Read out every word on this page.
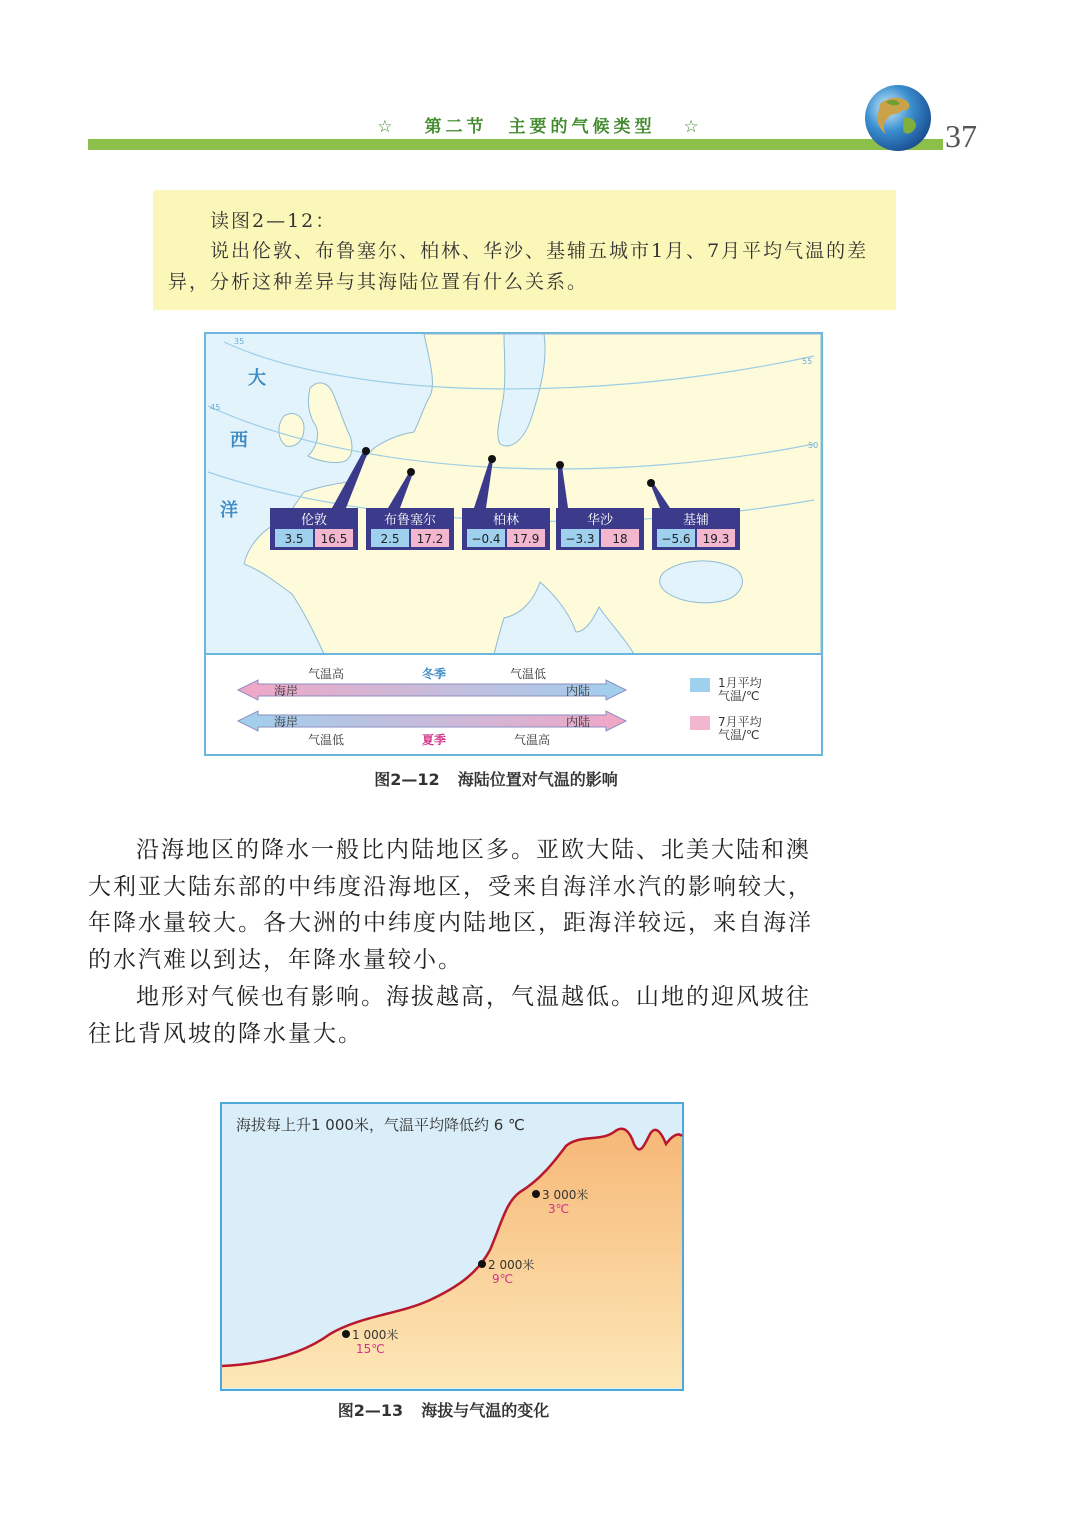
☆ 第二节　主要的气候类型 ☆	37
读图2—12：
说出伦敦、布鲁塞尔、柏林、华沙、基辅五城市1月、7月平均气温的差异，分析这种差异与其海陆位置有什么关系。
55
50
45
35
大
西
洋	伦敦
3.5 16.5
布鲁塞尔
2.5 17.2
柏林
−0.4 17.9
华沙
−3.3 18
基辅
−5.6 19.3
海岸	内陆
气温高	冬季	气温低
海岸	内陆
气温低	夏季	气温高
1月平均
气温/℃
7月平均
气温/℃
图2—12 海陆位置对气温的影响
沿海地区的降水一般比内陆地区多。亚欧大陆、北美大陆和澳大利亚大陆东部的中纬度沿海地区，受来自海洋水汽的影响较大，年降水量较大。各大洲的中纬度内陆地区，距海洋较远，来自海洋的水汽难以到达，年降水量较小。
地形对气候也有影响。海拔越高，气温越低。山地的迎风坡往往比背风坡的降水量大。
海拔每上升1 000米，气温平均降低约 6 ℃
1 000米
15℃
2 000米
9℃
3 000米
3℃
图2—13 海拔与气温的变化
